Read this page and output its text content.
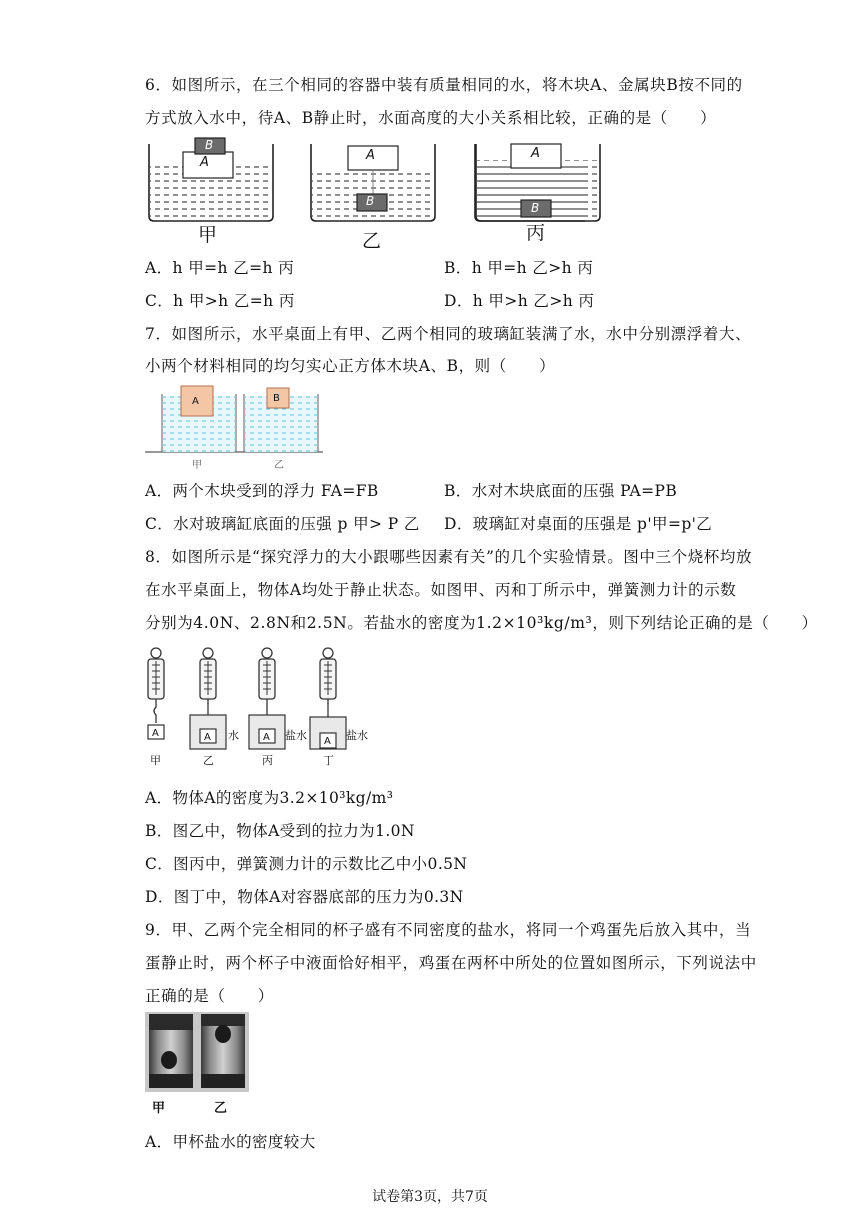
6．如图所示，在三个相同的容器中装有质量相同的水，将木块A、金属块B按不同的
方式放入水中，待A、B静止时，水面高度的大小关系相比较，正确的是（　　）
A
B
A
B
A
B
甲	乙	丙
A．h 甲=h 乙=h 丙	B．h 甲=h 乙>h 丙
C．h 甲>h 乙=h 丙	D．h 甲>h 乙>h 丙
7．如图所示，水平桌面上有甲、乙两个相同的玻璃缸装满了水，水中分别漂浮着大、
小两个材料相同的均匀实心正方体木块A、B，则（　　）
A	B
甲	乙
A．两个木块受到的浮力 FA=FB	B．水对木块底面的压强 PA=PB
C．水对玻璃缸底面的压强 p 甲> P 乙 D．玻璃缸对桌面的压强是 p'甲=p'乙
8．如图所示是“探究浮力的大小跟哪些因素有关”的几个实验情景。图中三个烧杯均放
在水平桌面上，物体A均处于静止状态。如图甲、丙和丁所示中，弹簧测力计的示数
分别为4.0N、2.8N和2.5N。若盐水的密度为1.2×10³kg/m³，则下列结论正确的是（　　）
A	A	A	A
水	盐水	盐水
甲	乙	丙	丁
A．物体A的密度为3.2×10³kg/m³
B．图乙中，物体A受到的拉力为1.0N
C．图丙中，弹簧测力计的示数比乙中小0.5N
D．图丁中，物体A对容器底部的压力为0.3N
9．甲、乙两个完全相同的杯子盛有不同密度的盐水，将同一个鸡蛋先后放入其中，当
蛋静止时，两个杯子中液面恰好相平，鸡蛋在两杯中所处的位置如图所示，下列说法中
正确的是（　　）
甲	乙
A．甲杯盐水的密度较大
试卷第3页，共7页
